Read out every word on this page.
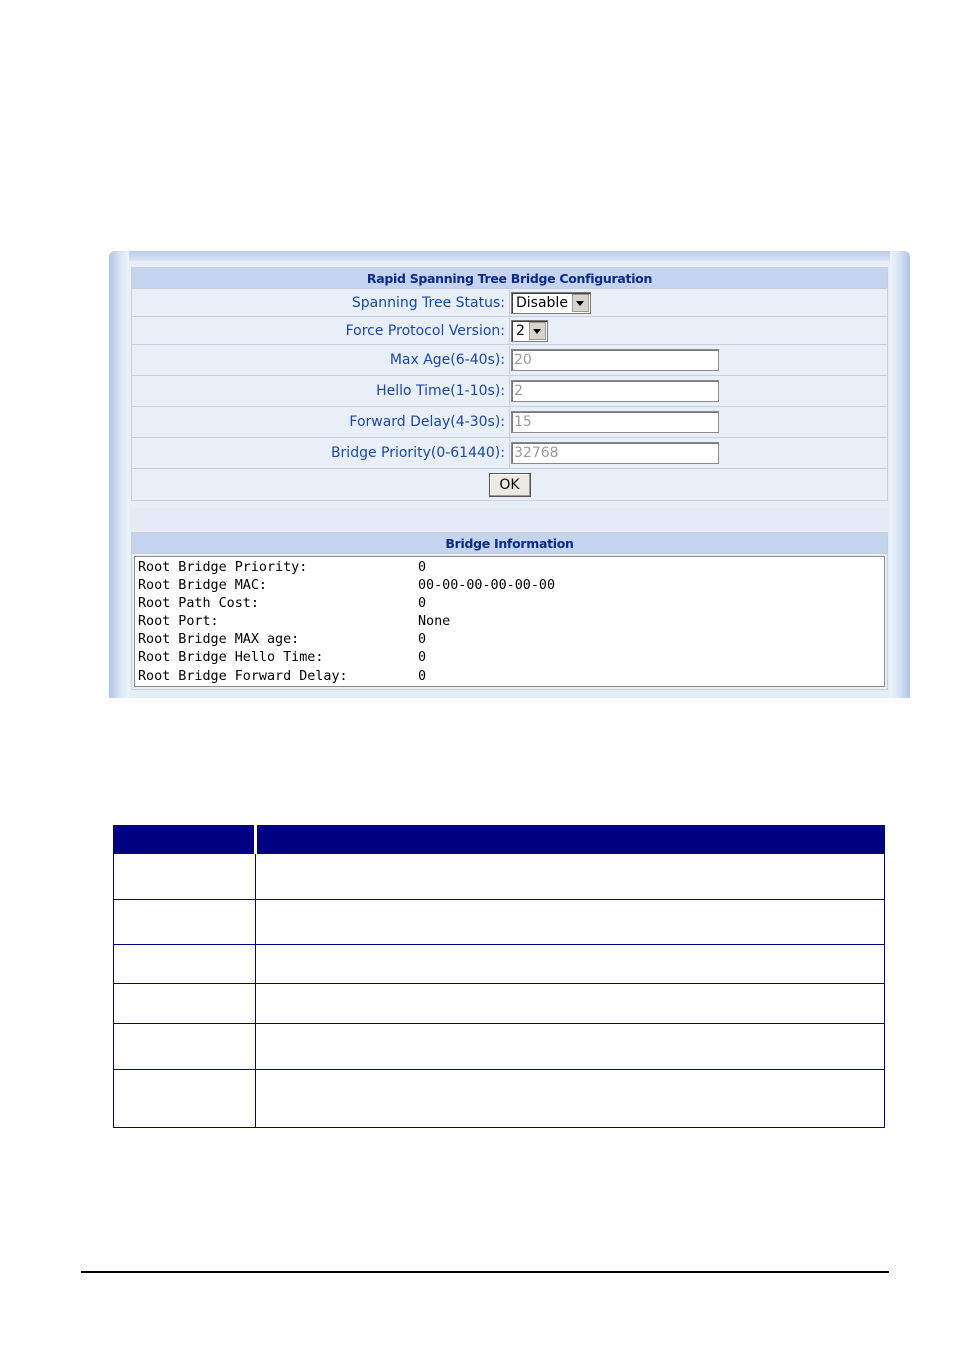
Rapid Spanning Tree Bridge Configuration	
Spanning Tree Status:	Disable

Force Protocol Version:	2

Max Age(6-40s):	20

Hello Time(1-10s):	2

Forward Delay(4-30s):	15

Bridge Priority(0-61440):	32768

OK	
Bridge Information

Root Bridge Priority:	0
Root Bridge MAC:	00-00-00-00-00-00
Root Path Cost:	0
Root Port:	None
Root Bridge MAX age:	0
Root Bridge Hello Time:	0
Root Bridge Forward Delay:	0
